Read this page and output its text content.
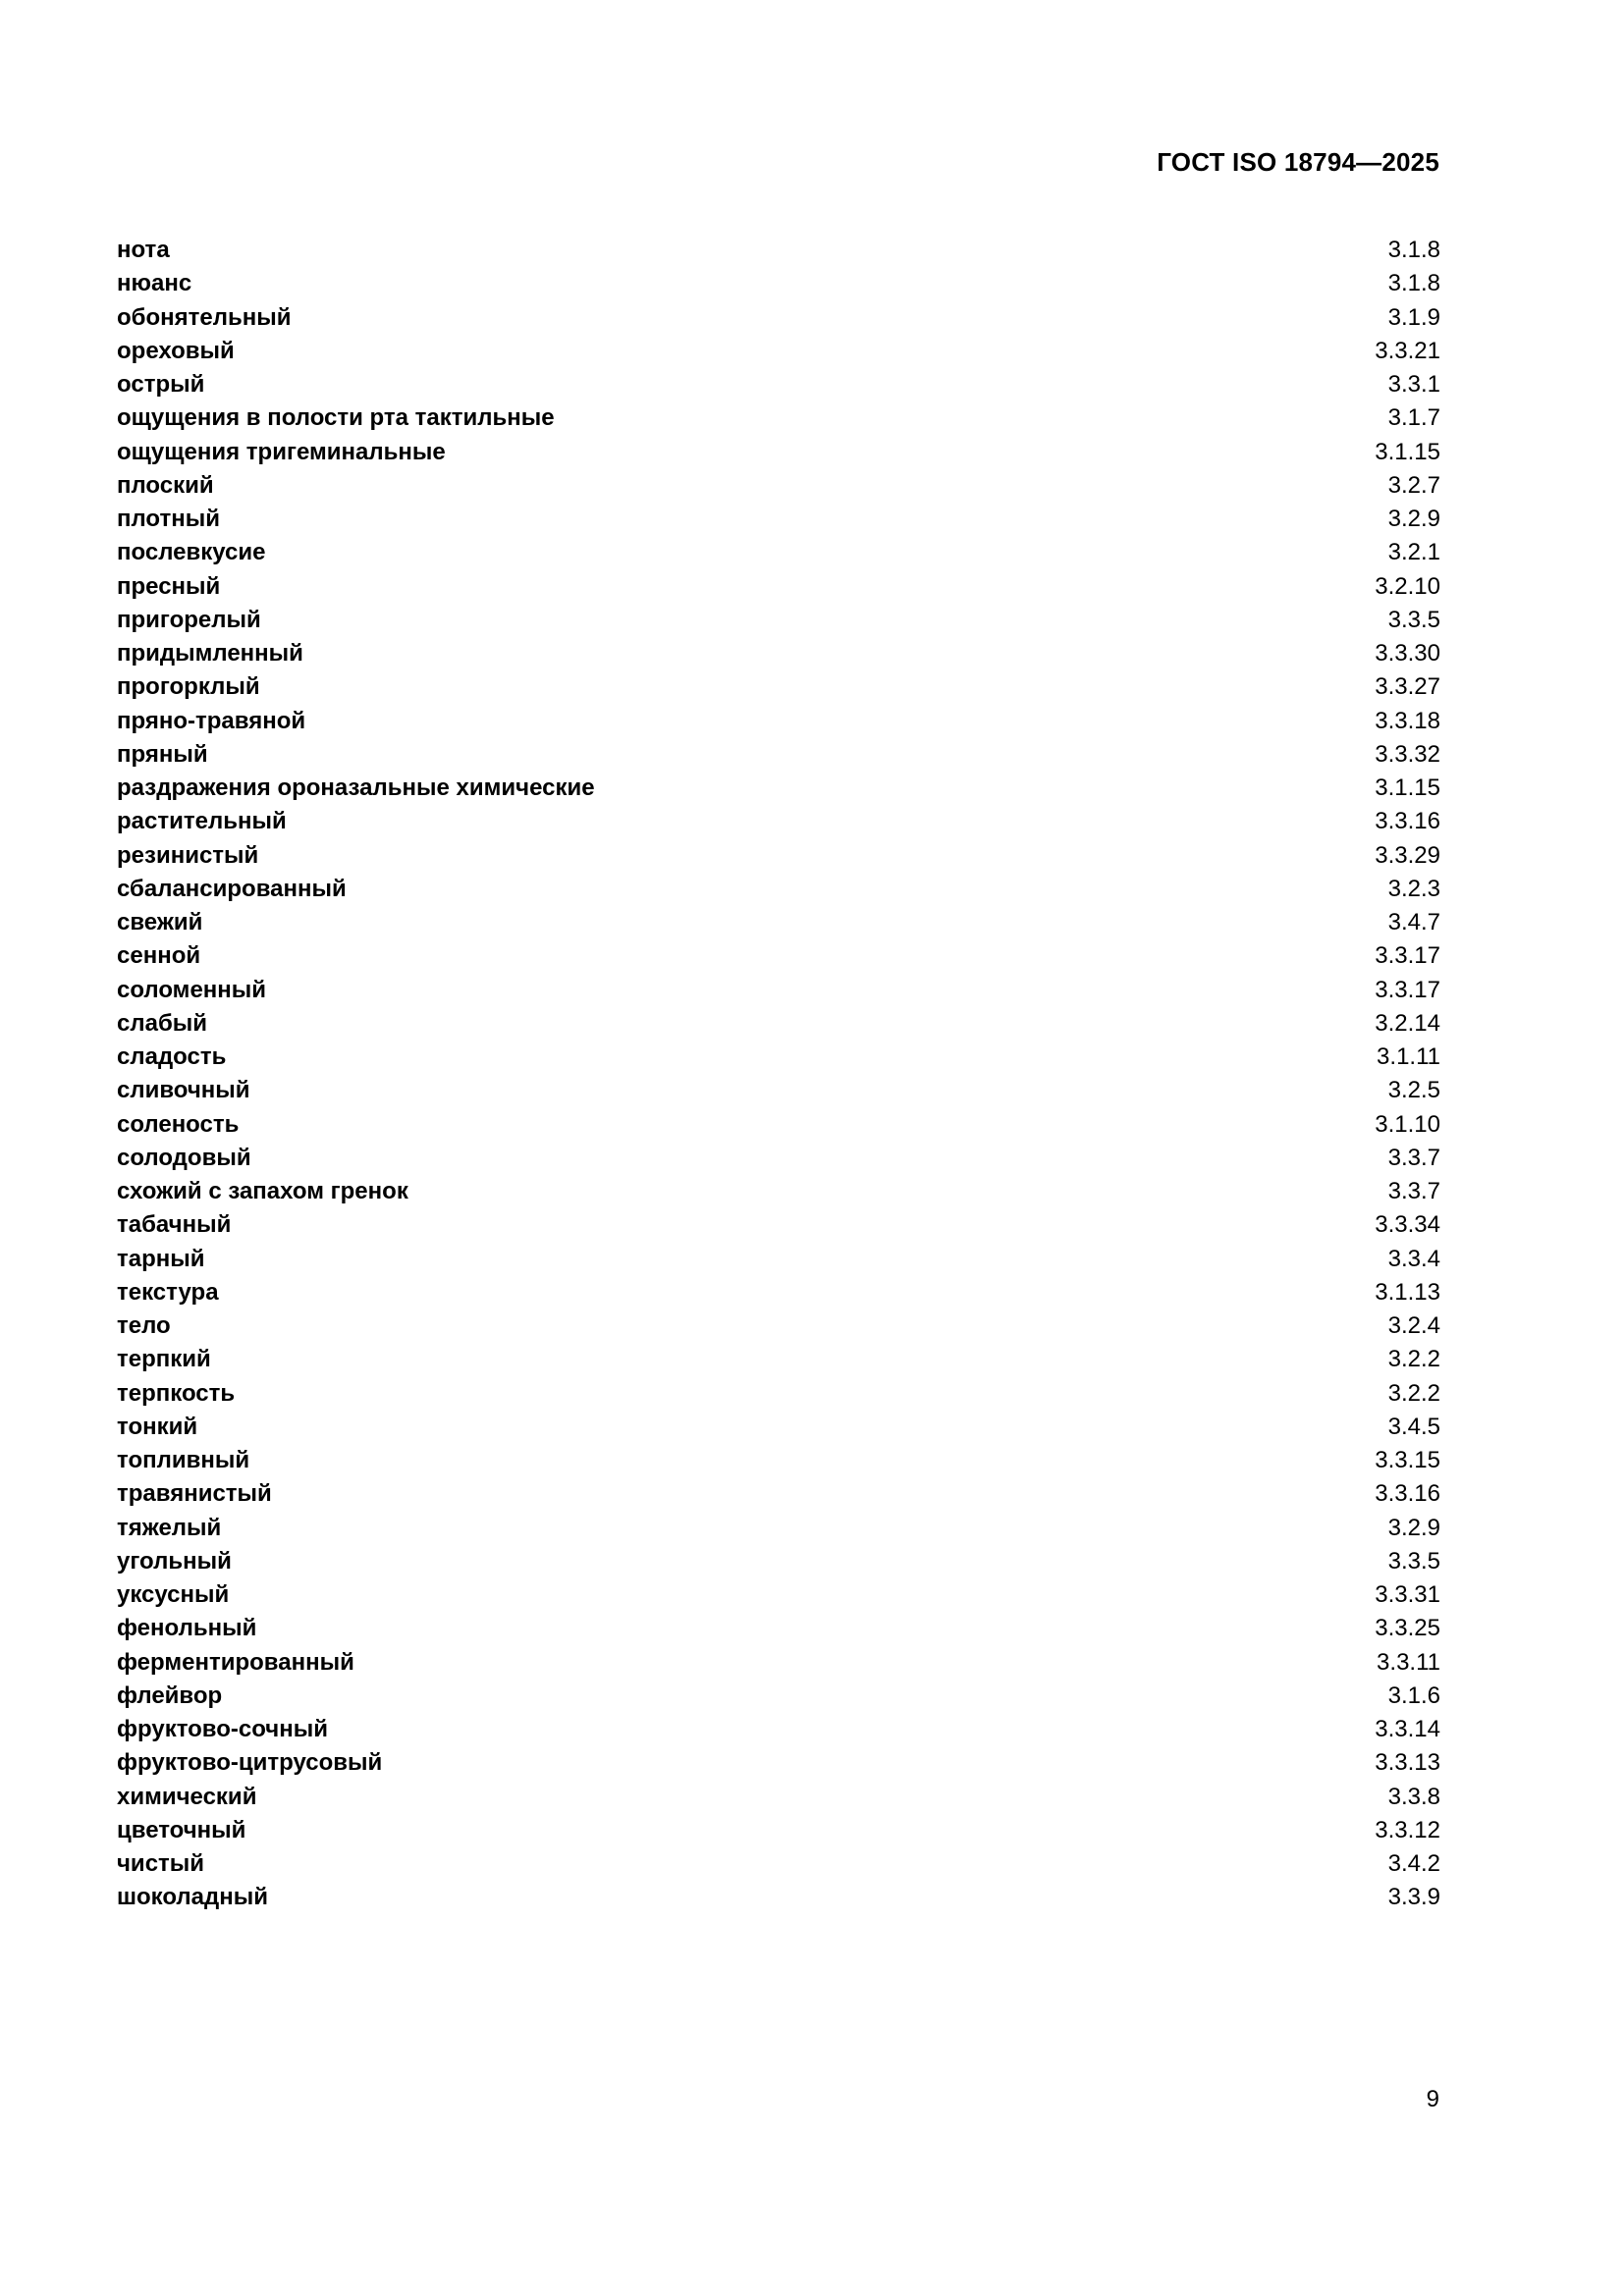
ГОСТ ISO 18794—2025
нота	3.1.8
нюанс	3.1.8
обонятельный	3.1.9
ореховый	3.3.21
острый	3.3.1
ощущения в полости рта тактильные	3.1.7
ощущения тригеминальные	3.1.15
плоский	3.2.7
плотный	3.2.9
послевкусие	3.2.1
пресный	3.2.10
пригорелый	3.3.5
придымленный	3.3.30
прогорклый	3.3.27
пряно-травяной	3.3.18
пряный	3.3.32
раздражения ороназальные химические	3.1.15
растительный	3.3.16
резинистый	3.3.29
сбалансированный	3.2.3
свежий	3.4.7
сенной	3.3.17
соломенный	3.3.17
слабый	3.2.14
сладость	3.1.11
сливочный	3.2.5
соленость	3.1.10
солодовый	3.3.7
схожий с запахом гренок	3.3.7
табачный	3.3.34
тарный	3.3.4
текстура	3.1.13
тело	3.2.4
терпкий	3.2.2
терпкость	3.2.2
тонкий	3.4.5
топливный	3.3.15
травянистый	3.3.16
тяжелый	3.2.9
угольный	3.3.5
уксусный	3.3.31
фенольный	3.3.25
ферментированный	3.3.11
флейвор	3.1.6
фруктово-сочный	3.3.14
фруктово-цитрусовый	3.3.13
химический	3.3.8
цветочный	3.3.12
чистый	3.4.2
шоколадный	3.3.9
9
